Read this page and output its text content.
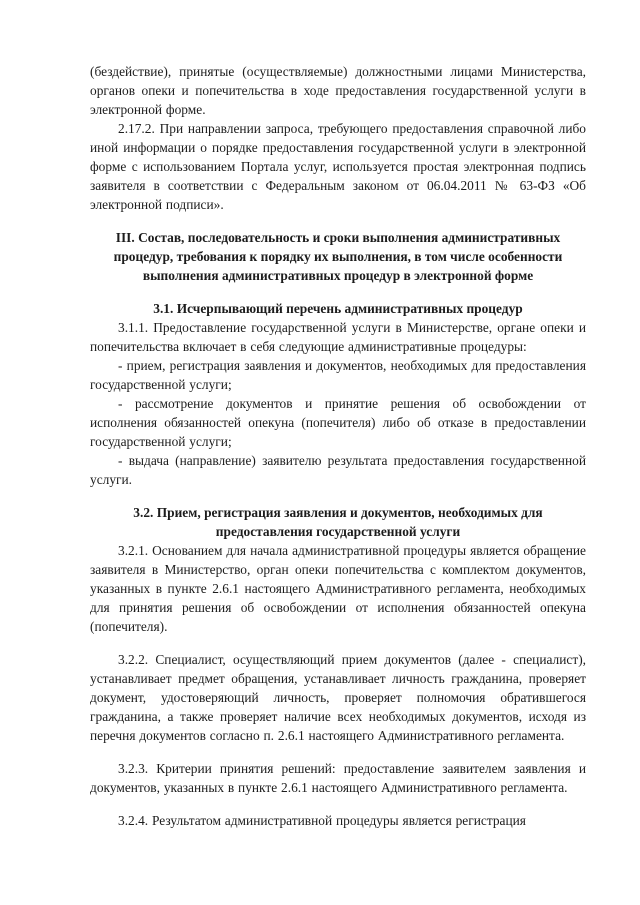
(бездействие), принятые (осуществляемые) должностными лицами Министерства, органов опеки и попечительства в ходе предоставления государственной услуги в электронной форме.

2.17.2. При направлении запроса, требующего предоставления справочной либо иной информации о порядке предоставления государственной услуги в электронной форме с использованием Портала услуг, используется простая электронная подпись заявителя в соответствии с Федеральным законом от 06.04.2011 № 63-ФЗ «Об электронной подписи».

III. Состав, последовательность и сроки выполнения административных процедур, требования к порядку их выполнения, в том числе особенности выполнения административных процедур в электронной форме

3.1. Исчерпывающий перечень административных процедур

3.1.1. Предоставление государственной услуги в Министерстве, органе опеки и попечительства включает в себя следующие административные процедуры:

- прием, регистрация заявления и документов, необходимых для предоставления государственной услуги;

- рассмотрение документов и принятие решения об освобождении от исполнения обязанностей опекуна (попечителя) либо об отказе в предоставлении государственной услуги;

- выдача (направление) заявителю результата предоставления государственной услуги.

3.2. Прием, регистрация заявления и документов, необходимых для предоставления государственной услуги

3.2.1. Основанием для начала административной процедуры является обращение заявителя в Министерство, орган опеки попечительства с комплектом документов, указанных в пункте 2.6.1 настоящего Административного регламента, необходимых для принятия решения об освобождении от исполнения обязанностей опекуна (попечителя).

3.2.2. Специалист, осуществляющий прием документов (далее - специалист), устанавливает предмет обращения, устанавливает личность гражданина, проверяет документ, удостоверяющий личность, проверяет полномочия обратившегося гражданина, а также проверяет наличие всех необходимых документов, исходя из перечня документов согласно п. 2.6.1 настоящего Административного регламента.

3.2.3. Критерии принятия решений: предоставление заявителем заявления и документов, указанных в пункте 2.6.1 настоящего Административного регламента.

3.2.4. Результатом административной процедуры является регистрация
